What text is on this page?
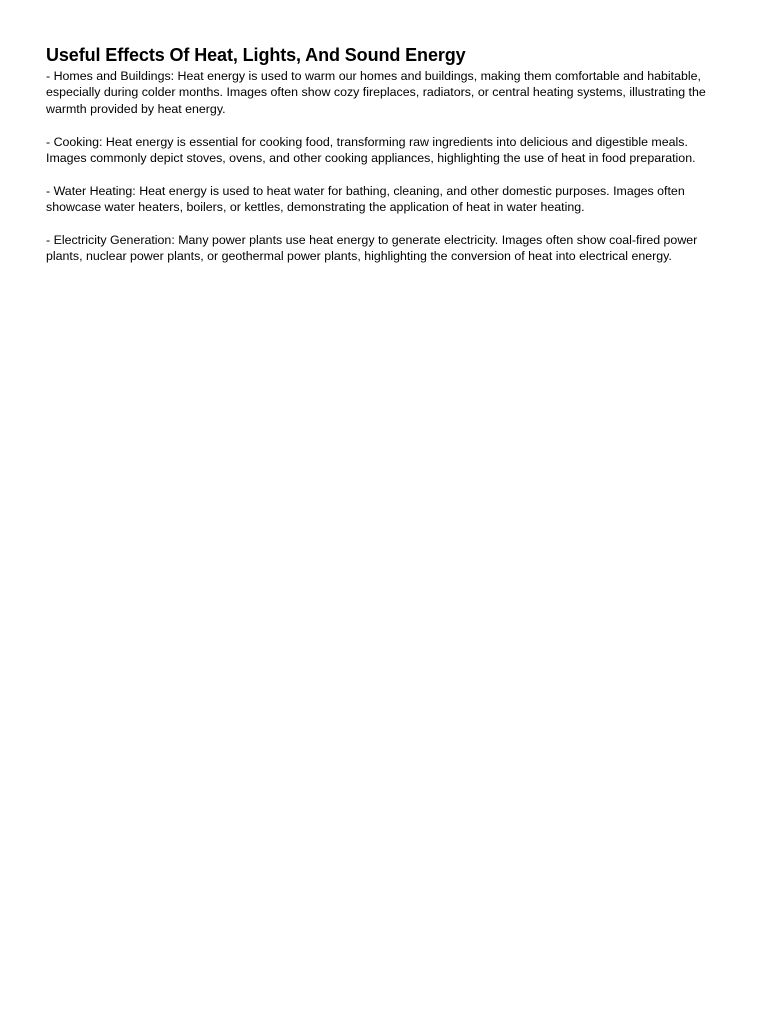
Useful Effects Of Heat, Lights, And Sound Energy

- Homes and Buildings: Heat energy is used to warm our homes and buildings, making them comfortable and habitable, especially during colder months. Images often show cozy fireplaces, radiators, or central heating systems, illustrating the warmth provided by heat energy.

- Cooking: Heat energy is essential for cooking food, transforming raw ingredients into delicious and digestible meals. Images commonly depict stoves, ovens, and other cooking appliances, highlighting the use of heat in food preparation.

- Water Heating: Heat energy is used to heat water for bathing, cleaning, and other domestic purposes. Images often showcase water heaters, boilers, or kettles, demonstrating the application of heat in water heating.

- Electricity Generation: Many power plants use heat energy to generate electricity. Images often show coal-fired power plants, nuclear power plants, or geothermal power plants, highlighting the conversion of heat into electrical energy.
